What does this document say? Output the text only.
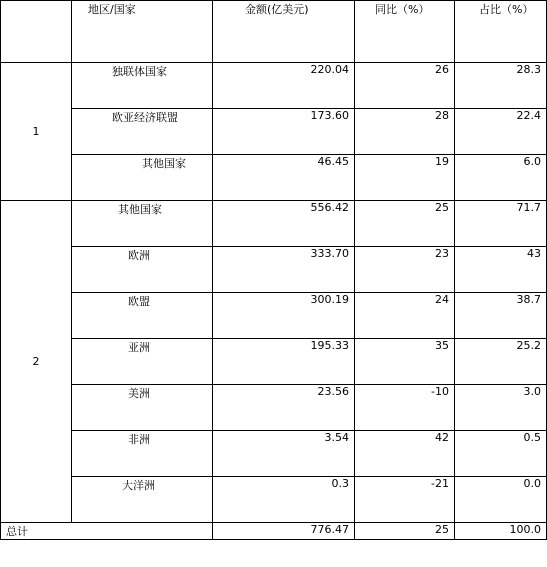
	地区/国家	金额(亿美元)	同比（%）	占比（%）
1	独联体国家	220.04	26	28.3
	欧亚经济联盟	173.60	28	22.4
	其他国家	46.45	19	6.0
2	其他国家	556.42	25	71.7
	欧洲	333.70	23	43
	欧盟	300.19	24	38.7
	亚洲	195.33	35	25.2
	美洲	23.56	-10	3.0
	非洲	3.54	42	0.5
	大洋洲	0.3	-21	0.0
总计		776.47	25	100.0
